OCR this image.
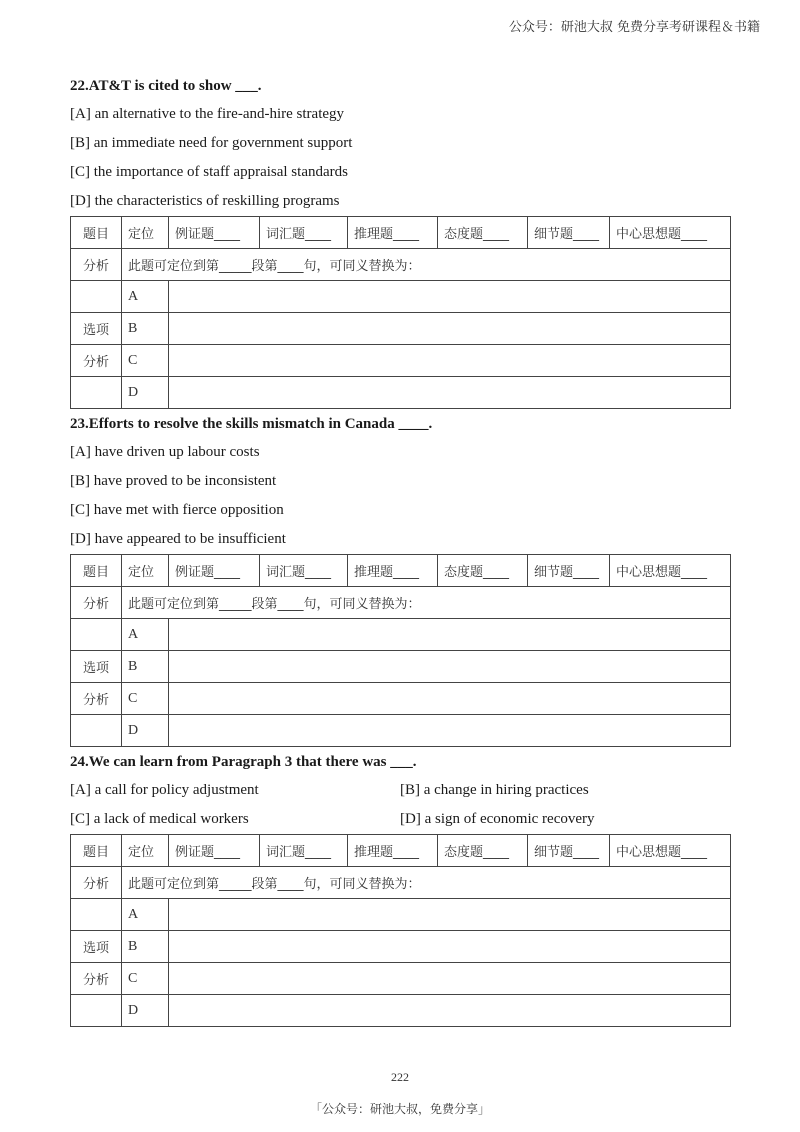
公众号：研池大叔 免费分享考研课程＆书籍
22.AT&T is cited to show ___.
[A] an alternative to the fire-and-hire strategy
[B] an immediate need for government support
[C] the importance of staff appraisal standards
[D] the characteristics of reskilling programs
题目	定位	例证题____	词汇题____	推理题____	态度题____	细节题____	中心思想题____
分析	此题可定位到第_____段第____句，可同义替换为：						
	A						
选项	B						
分析	C						
	D						
23.Efforts to resolve the skills mismatch in Canada ____.
[A] have driven up labour costs
[B] have proved to be inconsistent
[C] have met with fierce opposition
[D] have appeared to be insufficient
题目	定位	例证题____	词汇题____	推理题____	态度题____	细节题____	中心思想题____
分析	此题可定位到第_____段第____句，可同义替换为：						
	A						
选项	B						
分析	C						
	D						
24.We can learn from Paragraph 3 that there was ___.
[A] a call for policy adjustment	[B] a change in hiring practices
[C] a lack of medical workers	[D] a sign of economic recovery
题目	定位	例证题____	词汇题____	推理题____	态度题____	细节题____	中心思想题____
分析	此题可定位到第_____段第____句，可同义替换为：						
	A						
选项	B						
分析	C						
	D						
222
「公众号：研池大叔，免费分享」
